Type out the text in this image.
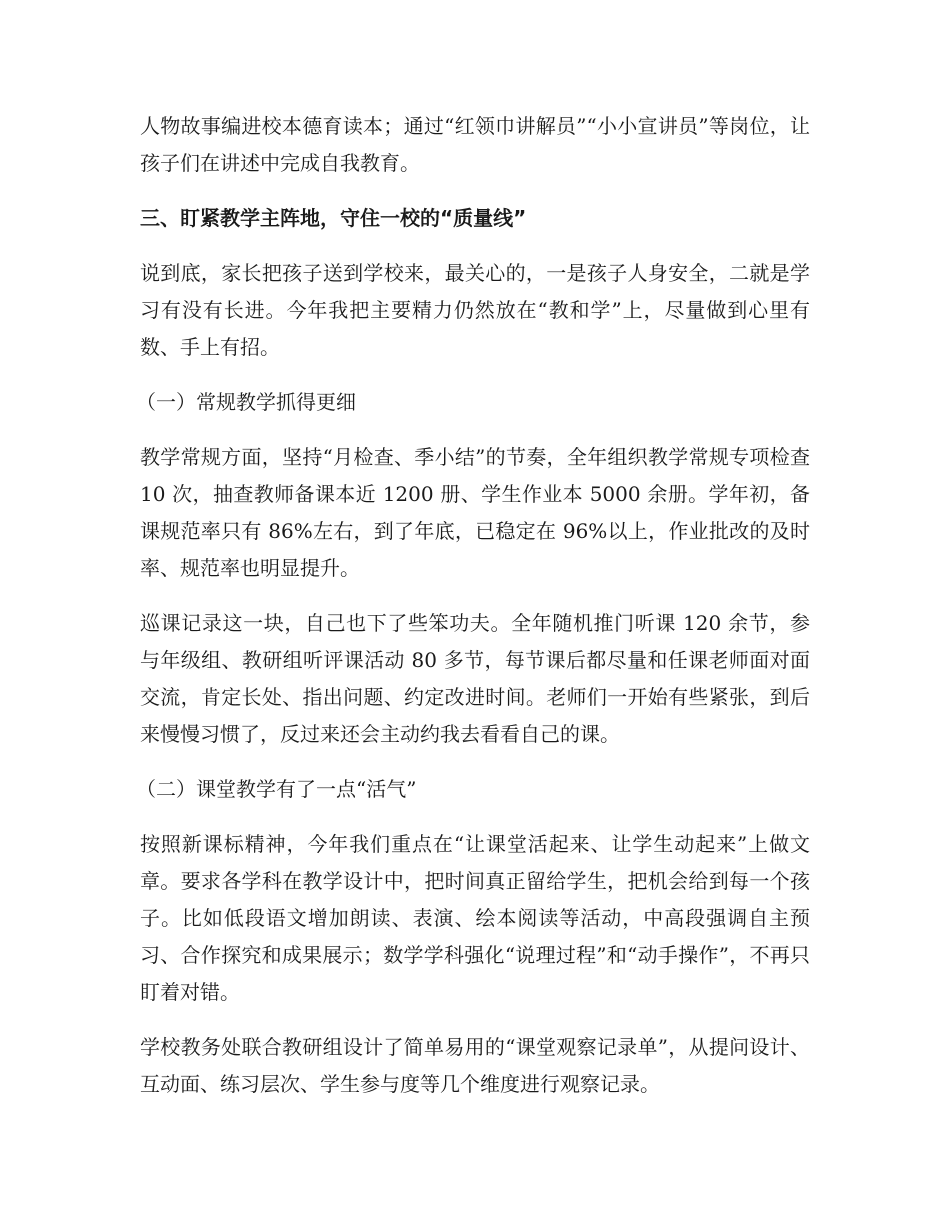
人物故事编进校本德育读本；通过“红领巾讲解员”“小小宣讲员”等岗位，让孩子们在讲述中完成自我教育。

三、盯紧教学主阵地，守住一校的“质量线”

说到底，家长把孩子送到学校来，最关心的，一是孩子人身安全，二就是学习有没有长进。今年我把主要精力仍然放在“教和学”上，尽量做到心里有数、手上有招。

（一）常规教学抓得更细

教学常规方面，坚持“月检查、季小结”的节奏，全年组织教学常规专项检查 10 次，抽查教师备课本近 1200 册、学生作业本 5000 余册。学年初，备课规范率只有 86%左右，到了年底，已稳定在 96%以上，作业批改的及时率、规范率也明显提升。

巡课记录这一块，自己也下了些笨功夫。全年随机推门听课 120 余节，参与年级组、教研组听评课活动 80 多节，每节课后都尽量和任课老师面对面交流，肯定长处、指出问题、约定改进时间。老师们一开始有些紧张，到后来慢慢习惯了，反过来还会主动约我去看看自己的课。

（二）课堂教学有了一点“活气”

按照新课标精神，今年我们重点在“让课堂活起来、让学生动起来”上做文章。要求各学科在教学设计中，把时间真正留给学生，把机会给到每一个孩子。比如低段语文增加朗读、表演、绘本阅读等活动，中高段强调自主预习、合作探究和成果展示；数学学科强化“说理过程”和“动手操作”，不再只盯着对错。

学校教务处联合教研组设计了简单易用的“课堂观察记录单”，从提问设计、互动面、练习层次、学生参与度等几个维度进行观察记录。
